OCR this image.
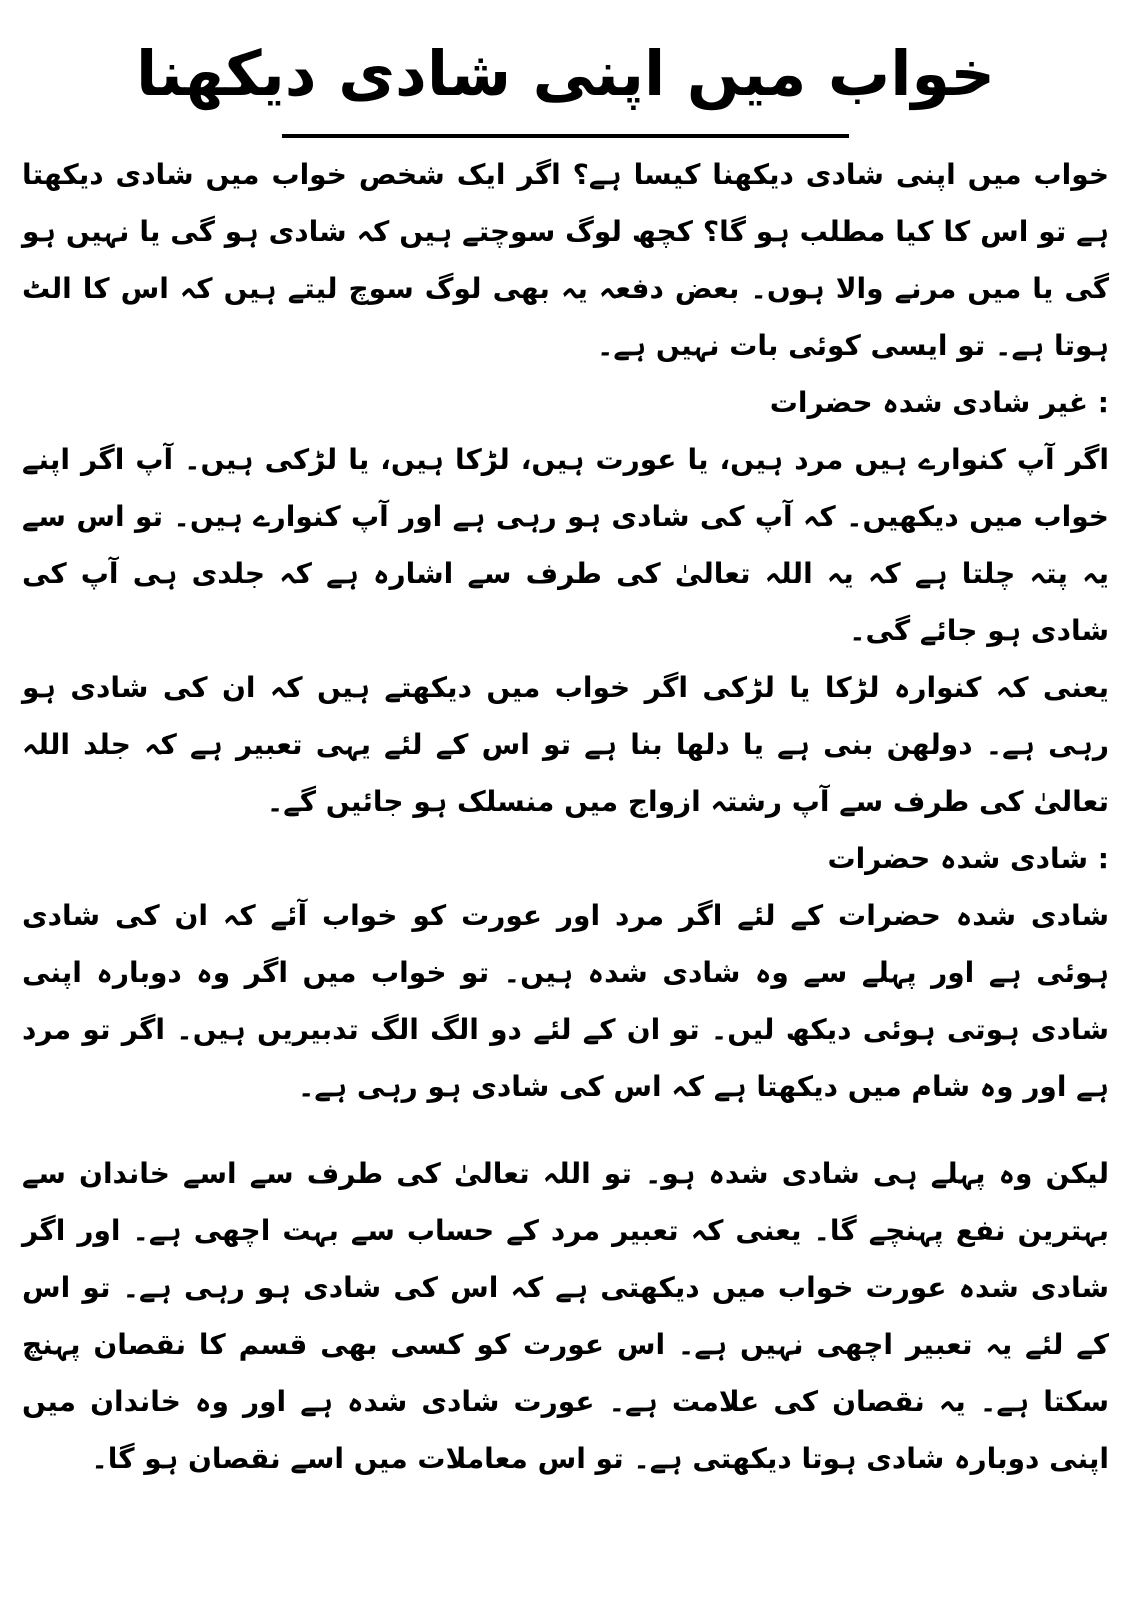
خواب میں اپنی شادی دیکھنا

خواب میں اپنی شادی دیکھنا کیسا ہے؟ اگر ایک شخص خواب میں شادی دیکھتا ہے تو اس کا کیا مطلب ہو گا؟ کچھ لوگ سوچتے ہیں کہ شادی ہو گی یا نہیں ہو گی یا میں مرنے والا ہوں۔ بعض دفعہ یہ بھی لوگ سوچ لیتے ہیں کہ اس کا الٹ ہوتا ہے۔ تو ایسی کوئی بات نہیں ہے۔

: غیر شادی شدہ حضرات

اگر آپ کنوارے ہیں مرد ہیں، یا عورت ہیں، لڑکا ہیں، یا لڑکی ہیں۔ آپ اگر اپنے خواب میں دیکھیں۔ کہ آپ کی شادی ہو رہی ہے اور آپ کنوارے ہیں۔ تو اس سے یہ پتہ چلتا ہے کہ یہ اللہ تعالیٰ کی طرف سے اشارہ ہے کہ جلدی ہی آپ کی شادی ہو جائے گی۔

یعنی کہ کنوارہ لڑکا یا لڑکی اگر خواب میں دیکھتے ہیں کہ ان کی شادی ہو رہی ہے۔ دولھن بنی ہے یا دلھا بنا ہے تو اس کے لئے یہی تعبیر ہے کہ جلد اللہ تعالیٰ کی طرف سے آپ رشتہ ازواج میں منسلک ہو جائیں گے۔

: شادی شدہ حضرات

شادی شدہ حضرات کے لئے اگر مرد اور عورت کو خواب آئے کہ ان کی شادی ہوئی ہے اور پہلے سے وہ شادی شدہ ہیں۔ تو خواب میں اگر وہ دوبارہ اپنی شادی ہوتی ہوئی دیکھ لیں۔ تو ان کے لئے دو الگ الگ تدبیریں ہیں۔ اگر تو مرد ہے اور وہ شام میں دیکھتا ہے کہ اس کی شادی ہو رہی ہے۔

لیکن وہ پہلے ہی شادی شدہ ہو۔ تو اللہ تعالیٰ کی طرف سے اسے خاندان سے بہترین نفع پہنچے گا۔ یعنی کہ تعبیر مرد کے حساب سے بہت اچھی ہے۔ اور اگر شادی شدہ عورت خواب میں دیکھتی ہے کہ اس کی شادی ہو رہی ہے۔ تو اس کے لئے یہ تعبیر اچھی نہیں ہے۔ اس عورت کو کسی بھی قسم کا نقصان پہنچ سکتا ہے۔ یہ نقصان کی علامت ہے۔ عورت شادی شدہ ہے اور وہ خاندان میں اپنی دوبارہ شادی ہوتا دیکھتی ہے۔ تو اس معاملات میں اسے نقصان ہو گا۔
